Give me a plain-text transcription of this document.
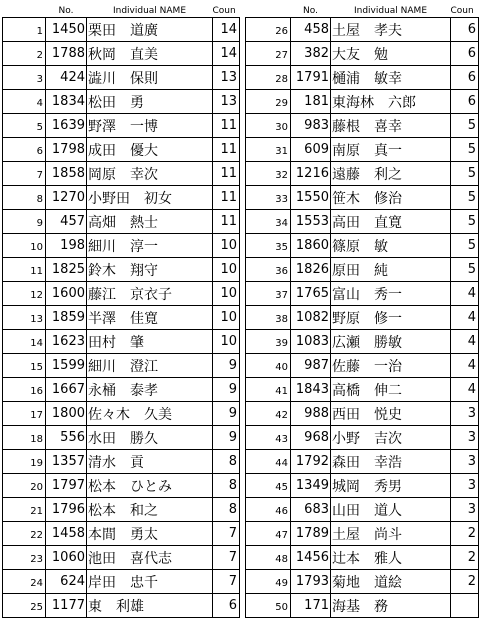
	No.	Individual NAME	Coun
1	1450	栗田　道廣	14
2	1788	秋岡　直美	14
3	424	澁川　保則	13
4	1834	松田　勇	13
5	1639	野澤　一博	11
6	1798	成田　優大	11
7	1858	岡原　幸次	11
8	1270	小野田　初女	11
9	457	高畑　熱士	11
10	198	細川　淳一	10
11	1825	鈴木　翔守	10
12	1600	藤江　京衣子	10
13	1859	半澤　佳寛	10
14	1623	田村　肇	10
15	1599	細川　澄江	9
16	1667	永桶　泰孝	9
17	1800	佐々木　久美	9
18	556	水田　勝久	9
19	1357	清水　貢	8
20	1797	松本　ひとみ	8
21	1796	松本　和之	8
22	1458	本間　勇太	7
23	1060	池田　喜代志	7
24	624	岸田　忠千	7
25	1177	東　利雄	6
	No.	Individual NAME	Coun
26	458	土屋　孝夫	6
27	382	大友　勉	6
28	1791	樋浦　敏幸	6
29	181	東海林　六郎	6
30	983	藤根　喜幸	5
31	609	南原　真一	5
32	1216	遠藤　利之	5
33	1550	笹木　修治	5
34	1553	高田　直寛	5
35	1860	篠原　敏	5
36	1826	原田　純	5
37	1765	富山　秀一	4
38	1082	野原　修一	4
39	1083	広瀬　勝敏	4
40	987	佐藤　一治	4
41	1843	高橋　伸二	4
42	988	西田　悦史	3
43	968	小野　吉次	3
44	1792	森田　幸浩	3
45	1349	城岡　秀男	3
46	683	山田　道人	3
47	1789	土屋　尚斗	2
48	1456	辻本　雅人	2
49	1793	菊地　道絵	2
50	171	海基　務	
